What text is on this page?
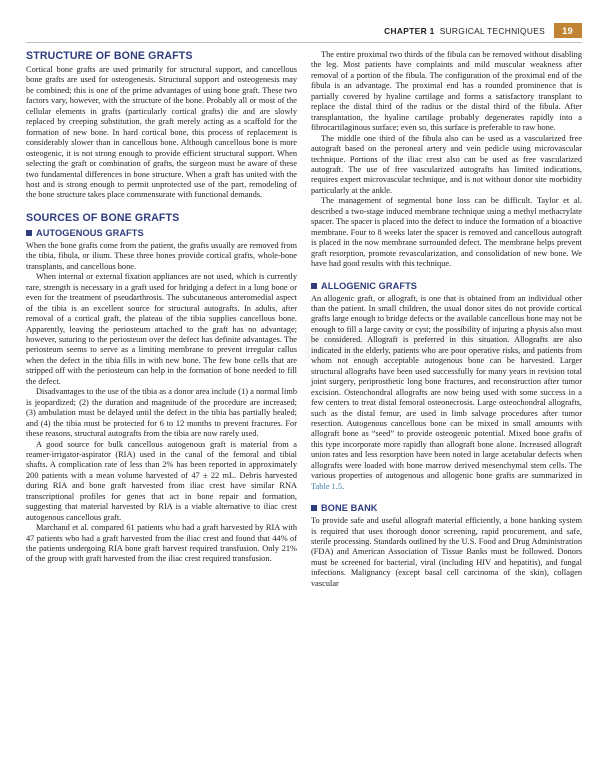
CHAPTER 1 SURGICAL TECHNIQUES	19
STRUCTURE OF BONE GRAFTS

Cortical bone grafts are used primarily for structural support, and cancellous bone grafts are used for osteogenesis. Structural support and osteogenesis may be combined; this is one of the prime advantages of using bone graft. These two factors vary, however, with the structure of the bone. Probably all or most of the cellular elements in grafts (particularly cortical grafts) die and are slowly replaced by creeping substitution, the graft merely acting as a scaffold for the formation of new bone. In hard cortical bone, this process of replacement is considerably slower than in cancellous bone. Although cancellous bone is more osteogenic, it is not strong enough to provide efficient structural support. When selecting the graft or combination of grafts, the surgeon must be aware of these two fundamental differences in bone structure. When a graft has united with the host and is strong enough to permit unprotected use of the part, remodeling of the bone structure takes place commensurate with functional demands.

SOURCES OF BONE GRAFTS
AUTOGENOUS GRAFTS

When the bone grafts come from the patient, the grafts usually are removed from the tibia, fibula, or ilium. These three bones provide cortical grafts, whole-bone transplants, and cancellous bone.

When internal or external fixation appliances are not used, which is currently rare, strength is necessary in a graft used for bridging a defect in a long bone or even for the treatment of pseudarthrosis. The subcutaneous anteromedial aspect of the tibia is an excellent source for structural autografts. In adults, after removal of a cortical graft, the plateau of the tibia supplies cancellous bone. Apparently, leaving the periosteum attached to the graft has no advantage; however, suturing to the periosteum over the defect has definite advantages. The periosteum seems to serve as a limiting membrane to prevent irregular callus when the defect in the tibia fills in with new bone. The few bone cells that are stripped off with the periosteum can help in the formation of bone needed to fill the defect.

Disadvantages to the use of the tibia as a donor area include (1) a normal limb is jeopardized; (2) the duration and magnitude of the procedure are increased; (3) ambulation must be delayed until the defect in the tibia has partially healed; and (4) the tibia must be protected for 6 to 12 months to prevent fractures. For these reasons, structural autografts from the tibia are now rarely used.

A good source for bulk cancellous autogenous graft is material from a reamer-irrigator-aspirator (RIA) used in the canal of the femoral and tibial shafts. A complication rate of less than 2% has been reported in approximately 200 patients with a mean volume harvested of 47 ± 22 mL. Debris harvested during RIA and bone graft harvested from iliac crest have similar RNA transcriptional profiles for genes that act in bone repair and formation, suggesting that material harvested by RIA is a viable alternative to iliac crest autogenous cancellous graft.

Marchand et al. compared 61 patients who had a graft harvested by RIA with 47 patients who had a graft harvested from the iliac crest and found that 44% of the patients undergoing RIA bone graft harvest required transfusion. Only 21% of the group with graft harvested from the iliac crest required transfusion.

The entire proximal two thirds of the fibula can be removed without disabling the leg. Most patients have complaints and mild muscular weakness after removal of a portion of the fibula. The configuration of the proximal end of the fibula is an advantage. The proximal end has a rounded prominence that is partially covered by hyaline cartilage and forms a satisfactory transplant to replace the distal third of the radius or the distal third of the fibula. After transplantation, the hyaline cartilage probably degenerates rapidly into a fibrocartilaginous surface; even so, this surface is preferable to raw bone.

The middle one third of the fibula also can be used as a vascularized free autograft based on the peroneal artery and vein pedicle using microvascular technique. Portions of the iliac crest also can be used as free vascularized autograft. The use of free vascularized autografts has limited indications, requires expert microvascular technique, and is not without donor site morbidity particularly at the ankle.

The management of segmental bone loss can be difficult. Taylor et al. described a two-stage induced membrane technique using a methyl methacrylate spacer. The spacer is placed into the defect to induce the formation of a bioactive membrane. Four to 8 weeks later the spacer is removed and cancellous autograft is placed in the now membrane surrounded defect. The membrane helps prevent graft resorption, promote revascularization, and consolidation of new bone. We have had good results with this technique.

ALLOGENIC GRAFTS

An allogenic graft, or allograft, is one that is obtained from an individual other than the patient. In small children, the usual donor sites do not provide cortical grafts large enough to bridge defects or the available cancellous bone may not be enough to fill a large cavity or cyst; the possibility of injuring a physis also must be considered. Allograft is preferred in this situation. Allografts are also indicated in the elderly, patients who are poor operative risks, and patients from whom not enough acceptable autogenous bone can be harvested. Larger structural allografts have been used successfully for many years in revision total joint surgery, periprosthetic long bone fractures, and reconstruction after tumor excision. Osteochondral allografts are now being used with some success in a few centers to treat distal femoral osteonecrosis. Large osteochondral allografts, such as the distal femur, are used in limb salvage procedures after tumor resection. Autogenous cancellous bone can be mixed in small amounts with allograft bone as “seed” to provide osteogenic potential. Mixed bone grafts of this type incorporate more rapidly than allograft bone alone. Increased allograft union rates and less resorption have been noted in large acetabular defects when allografts were loaded with bone marrow derived mesenchymal stem cells. The various properties of autogenous and allogenic bone grafts are summarized in Table 1.5.

BONE BANK

To provide safe and useful allograft material efficiently, a bone banking system is required that uses thorough donor screening, rapid procurement, and safe, sterile processing. Standards outlined by the U.S. Food and Drug Administration (FDA) and American Association of Tissue Banks must be followed. Donors must be screened for bacterial, viral (including HIV and hepatitis), and fungal infections. Malignancy (except basal cell carcinoma of the skin), collagen vascular
